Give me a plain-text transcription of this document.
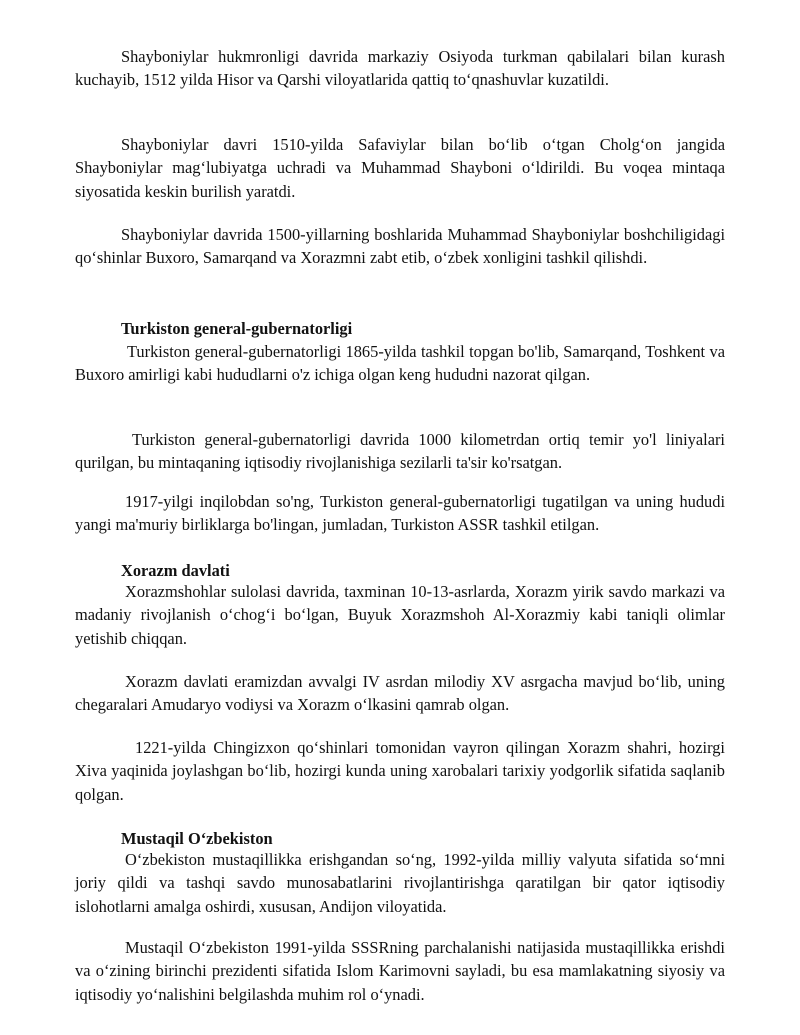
Shayboniylar hukmronligi davrida markaziy Osiyoda turkman qabilalari bilan kurash kuchayib, 1512 yilda Hisor va Qarshi viloyatlarida qattiq to‘qnashuvlar kuzatildi.

Shayboniylar davri 1510-yilda Safaviylar bilan bo‘lib o‘tgan Cholg‘on jangida Shayboniylar mag‘lubiyatga uchradi va Muhammad Shayboni o‘ldirildi. Bu voqea mintaqa siyosatida keskin burilish yaratdi.

Shayboniylar davrida 1500-yillarning boshlarida Muhammad Shayboniylar boshchiligidagi qo‘shinlar Buxoro, Samarqand va Xorazmni zabt etib, o‘zbek xonligini tashkil qilishdi.

Turkiston general-gubernatorligi

Turkiston general-gubernatorligi 1865-yilda tashkil topgan bo'lib, Samarqand, Toshkent va Buxoro amirligi kabi hududlarni o'z ichiga olgan keng hududni nazorat qilgan.

Turkiston general-gubernatorligi davrida 1000 kilometrdan ortiq temir yo'l liniyalari qurilgan, bu mintaqaning iqtisodiy rivojlanishiga sezilarli ta'sir ko'rsatgan.

1917-yilgi inqilobdan so'ng, Turkiston general-gubernatorligi tugatilgan va uning hududi yangi ma'muriy birliklarga bo'lingan, jumladan, Turkiston ASSR tashkil etilgan.

Xorazm davlati

Xorazmshohlar sulolasi davrida, taxminan 10-13-asrlarda, Xorazm yirik savdo markazi va madaniy rivojlanish o‘chog‘i bo‘lgan, Buyuk Xorazmshoh Al-Xorazmiy kabi taniqli olimlar yetishib chiqqan.

Xorazm davlati eramizdan avvalgi IV asrdan milodiy XV asrgacha mavjud bo‘lib, uning chegaralari Amudaryo vodiysi va Xorazm o‘lkasini qamrab olgan.

1221-yilda Chingizxon qo‘shinlari tomonidan vayron qilingan Xorazm shahri, hozirgi Xiva yaqinida joylashgan bo‘lib, hozirgi kunda uning xarobalari tarixiy yodgorlik sifatida saqlanib qolgan.

Mustaqil O‘zbekiston

O‘zbekiston mustaqillikka erishgandan so‘ng, 1992-yilda milliy valyuta sifatida so‘mni joriy qildi va tashqi savdo munosabatlarini rivojlantirishga qaratilgan bir qator iqtisodiy islohotlarni amalga oshirdi, xususan, Andijon viloyatida.

Mustaqil O‘zbekiston 1991-yilda SSSRning parchalanishi natijasida mustaqillikka erishdi va o‘zining birinchi prezidenti sifatida Islom Karimovni sayladi, bu esa mamlakatning siyosiy va iqtisodiy yo‘nalishini belgilashda muhim rol o‘ynadi.
